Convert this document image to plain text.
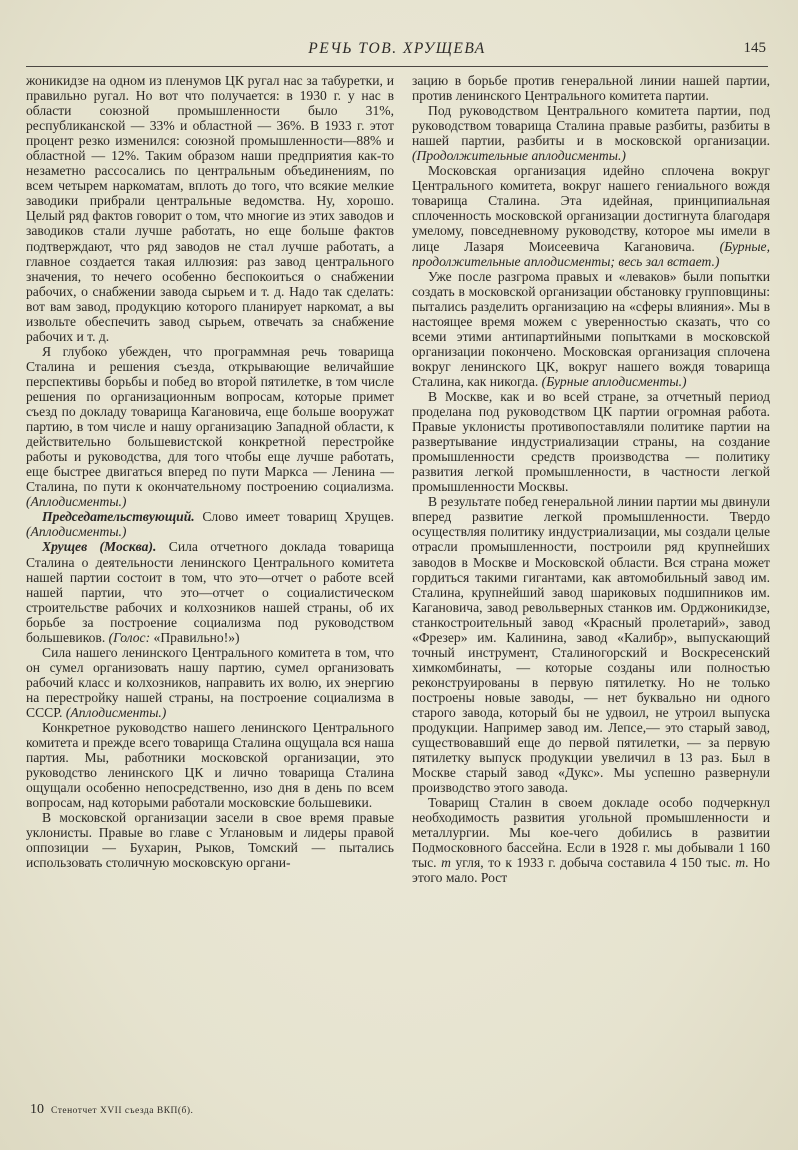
РЕЧЬ ТОВ. ХРУЩЕВА	145

жоникидзе на одном из пленумов ЦК ругал нас за табуретки, и правильно ругал. Но вот что получается: в 1930 г. у нас в области союзной промышленности было 31%, республиканской — 33% и областной — 36%. В 1933 г. этот процент резко изменился: союзной промышленности—88% и областной — 12%. Таким образом наши предприятия как-то незаметно рассосались по центральным объединениям, по всем четырем наркоматам, вплоть до того, что всякие мелкие заводики прибрали центральные ведомства. Ну, хорошо. Целый ряд фактов говорит о том, что многие из этих заводов и заводиков стали лучше работать, но еще больше фактов подтверждают, что ряд заводов не стал лучше работать, а главное создается такая иллюзия: раз завод центрального значения, то нечего особенно беспокоиться о снабжении рабочих, о снабжении завода сырьем и т. д. Надо так сделать: вот вам завод, продукцию которого планирует наркомат, а вы извольте обеспечить завод сырьем, отвечать за снабжение рабочих и т. д.

Я глубоко убежден, что программная речь товарища Сталина и решения съезда, открывающие величайшие перспективы борьбы и побед во второй пятилетке, в том числе решения по организационным вопросам, которые примет съезд по докладу товарища Кагановича, еще больше вооружат партию, в том числе и нашу организацию Западной области, к действительно большевистской конкретной перестройке работы и руководства, для того чтобы еще лучше работать, еще быстрее двигаться вперед по пути Маркса — Ленина — Сталина, по пути к окончательному построению социализма. (Аплодисменты.)

Председательствующий. Слово имеет товарищ Хрущев. (Аплодисменты.)

Хрущев (Москва). Сила отчетного доклада товарища Сталина о деятельности ленинского Центрального комитета нашей партии состоит в том, что это—отчет о работе всей нашей партии, что это—отчет о социалистическом строительстве рабочих и колхозников нашей страны, об их борьбе за построение социализма под руководством большевиков. (Голос: «Правильно!»)

Сила нашего ленинского Центрального комитета в том, что он сумел организовать нашу партию, сумел организовать рабочий класс и колхозников, направить их волю, их энергию на перестройку нашей страны, на построение социализма в СССР. (Аплодисменты.)

Конкретное руководство нашего ленинского Центрального комитета и прежде всего товарища Сталина ощущала вся наша партия. Мы, работники московской организации, это руководство ленинского ЦК и лично товарища Сталина ощущали особенно непосредственно, изо дня в день по всем вопросам, над которыми работали московские большевики.

В московской организации засели в свое время правые уклонисты. Правые во главе с Углановым и лидеры правой оппозиции — Бухарин, Рыков, Томский — пытались использовать столичную московскую органи-

зацию в борьбе против генеральной линии нашей партии, против ленинского Центрального комитета партии.

Под руководством Центрального комитета партии, под руководством товарища Сталина правые разбиты, разбиты в нашей партии, разбиты и в московской организации. (Продолжительные аплодисменты.)

Московская организация идейно сплочена вокруг Центрального комитета, вокруг нашего гениального вождя товарища Сталина. Эта идейная, принципиальная сплоченность московской организации достигнута благодаря умелому, повседневному руководству, которое мы имели в лице Лазаря Моисеевича Кагановича. (Бурные, продолжительные аплодисменты; весь зал встает.)

Уже после разгрома правых и «леваков» были попытки создать в московской организации обстановку групповщины: пытались разделить организацию на «сферы влияния». Мы в настоящее время можем с уверенностью сказать, что со всеми этими антипартийными попытками в московской организации покончено. Московская организация сплочена вокруг ленинского ЦК, вокруг нашего вождя товарища Сталина, как никогда. (Бурные аплодисменты.)

В Москве, как и во всей стране, за отчетный период проделана под руководством ЦК партии огромная работа. Правые уклонисты противопоставляли политике партии на развертывание индустриализации страны, на создание промышленности средств производства — политику развития легкой промышленности, в частности легкой промышленности Москвы.

В результате побед генеральной линии партии мы двинули вперед развитие легкой промышленности. Твердо осуществляя политику индустриализации, мы создали целые отрасли промышленности, построили ряд крупнейших заводов в Москве и Московской области. Вся страна может гордиться такими гигантами, как автомобильный завод им. Сталина, крупнейший завод шариковых подшипников им. Кагановича, завод револьверных станков им. Орджоникидзе, станкостроительный завод «Красный пролетарий», завод «Фрезер» им. Калинина, завод «Калибр», выпускающий точный инструмент, Сталиногорский и Воскресенский химкомбинаты, — которые созданы или полностью реконструированы в первую пятилетку. Но не только построены новые заводы, — нет буквально ни одного старого завода, который бы не удвоил, не утроил выпуска продукции. Например завод им. Лепсе,— это старый завод, существовавший еще до первой пятилетки, — за первую пятилетку выпуск продукции увеличил в 13 раз. Был в Москве старый завод «Дукс». Мы успешно развернули производство этого завода.

Товарищ Сталин в своем докладе особо подчеркнул необходимость развития угольной промышленности и металлургии. Мы кое-чего добились в развитии Подмосковного бассейна. Если в 1928 г. мы добывали 1 160 тыс. т угля, то к 1933 г. добыча составила 4 150 тыс. т. Но этого мало. Рост

10 Стенотчет XVII съезда ВКП(б).
